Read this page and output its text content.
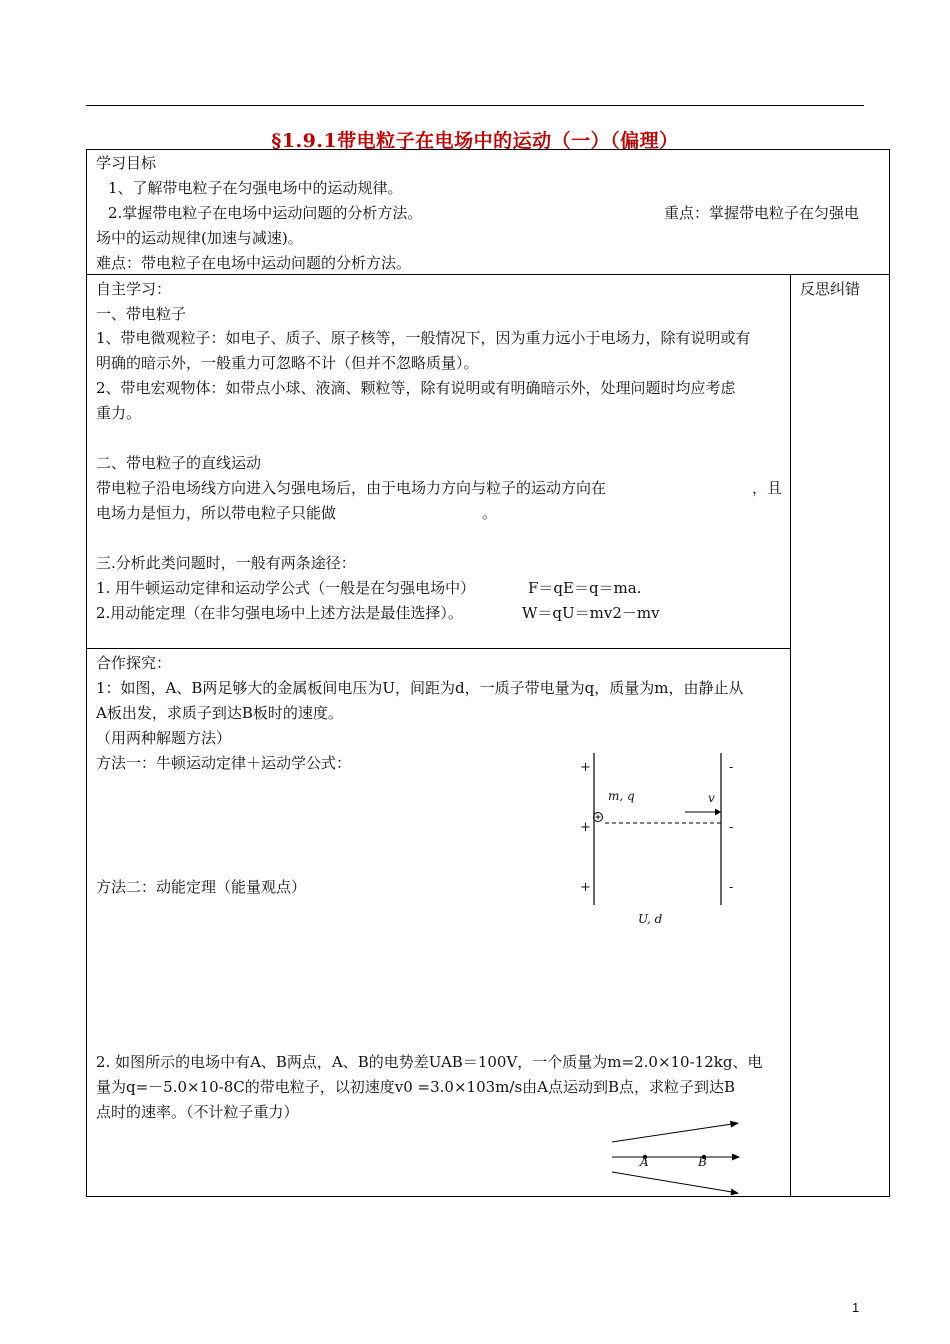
§1.9.1带电粒子在电场中的运动（一）（偏理）
学习目标
1、了解带电粒子在匀强电场中的运动规律。
2.掌握带电粒子在电场中运动问题的分析方法。	重点：掌握带电粒子在匀强电
场中的运动规律(加速与减速)。
难点：带电粒子在电场中运动问题的分析方法。
反思纠错
自主学习：
一、带电粒子
1、带电微观粒子：如电子、质子、原子核等，一般情况下，因为重力远小于电场力，除有说明或有
明确的暗示外，一般重力可忽略不计（但并不忽略质量）。
2、带电宏观物体：如带点小球、液滴、颗粒等，除有说明或有明确暗示外，处理问题时均应考虑
重力。
二、带电粒子的直线运动
带电粒子沿电场线方向进入匀强电场后，由于电场力方向与粒子的运动方向在	，且
电场力是恒力，所以带电粒子只能做	。
三.分析此类问题时，一般有两条途径：
1. 用牛顿运动定律和运动学公式（一般是在匀强电场中）	F＝qE＝q＝ma.
2.用动能定理（在非匀强电场中上述方法是最佳选择）。	W＝qU＝mv2－mv
合作探究：
1：如图，A、B两足够大的金属板间电压为U，间距为d，一质子带电量为q，质量为m，由静止从
A板出发，求质子到达B板时的速度。
（用两种解题方法）
方法一：牛顿运动定律＋运动学公式：
方法二：动能定理（能量观点）
2. 如图所示的电场中有A、B两点，A、B的电势差UAB＝100V，一个质量为m=2.0×10-12kg、电
量为q=－5.0×10-8C的带电粒子，以初速度v0 =3.0×103m/s由A点运动到B点，求粒子到达B
点时的速率。（不计粒子重力）
+
+
+
-
-
-
m, q	v
U, d
A	B
1
